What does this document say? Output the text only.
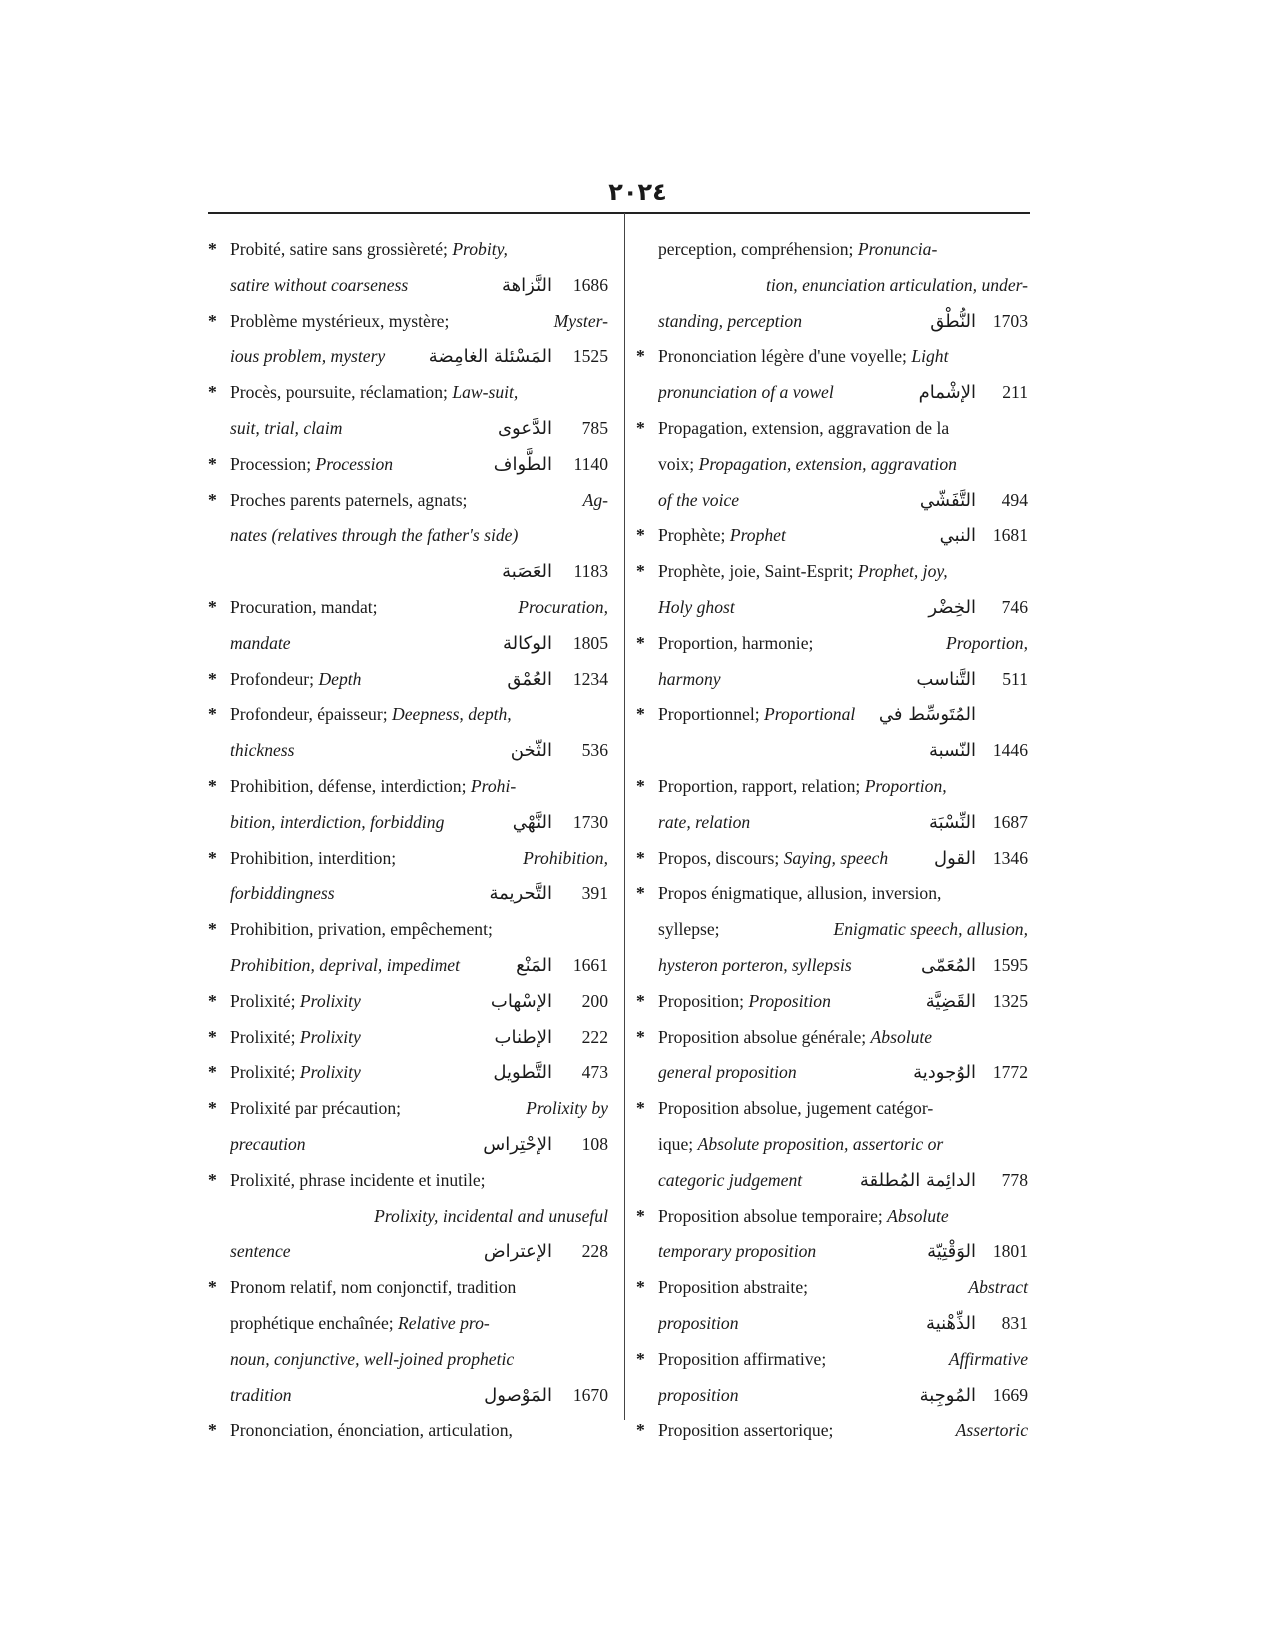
٢٠٢٤
* Probité, satire sans grossièreté; Probity,
satire without coarseness	النَّزاهة	1686
* Problème mystérieux, mystère;	Myster-
ious problem, mystery	المَسْئلة الغامِضة	1525
* Procès, poursuite, réclamation; Law-suit,
suit, trial, claim	الدَّعوى	785
* Procession; Procession	الطَّواف	1140
* Proches parents paternels, agnats;	Ag-
nates (relatives through the father's side)
العَصَبة	1183
* Procuration, mandat;	Procuration,
mandate	الوكالة	1805
* Profondeur; Depth	العُمْق	1234
* Profondeur, épaisseur; Deepness, depth,
thickness	الثّخن	536
* Prohibition, défense, interdiction; Prohi-
bition, interdiction, forbidding	النَّهْي	1730
* Prohibition, interdition;	Prohibition,
forbiddingness	التَّحريمة	391
* Prohibition, privation, empêchement;
Prohibition, deprival, impedimet	المَنْع	1661
* Prolixité; Prolixity	الإسْهاب	200
* Prolixité; Prolixity	الإطناب	222
* Prolixité; Prolixity	التَّطويل	473
* Prolixité par précaution;	Prolixity by
precaution	الإحْتِراس	108
* Prolixité, phrase incidente et inutile;
Prolixity, incidental and unuseful
sentence	الإعتراض	228
* Pronom relatif, nom conjonctif, tradition
prophétique enchaînée; Relative pro-
noun, conjunctive, well-joined prophetic
tradition	المَوْصول	1670
* Prononciation, énonciation, articulation,
perception, compréhension; Pronuncia-
tion, enunciation articulation, under-
standing, perception	النُّطْق 1703
* Prononciation légère d'une voyelle; Light
pronunciation of a vowel	الإشْمام	211
* Propagation, extension, aggravation de la
voix; Propagation, extension, aggravation
of the voice	التَّفَشّي	494
* Prophète; Prophet	النبي 1681
* Prophète, joie, Saint-Esprit; Prophet, joy,
Holy ghost	الخِضْر	746
* Proportion, harmonie;	Proportion,
harmony	التَّناسب	511
* Proportionnel; Proportional	المُتَوسِّط في
النّسبة 1446
* Proportion, rapport, relation; Proportion,
rate, relation	النِّسْبَة 1687
* Propos, discours; Saying, speech	القول 1346
* Propos énigmatique, allusion, inversion,
syllepse;	Enigmatic speech, allusion,
hysteron porteron, syllepsis	المُعَمّى 1595
* Proposition; Proposition	القَضِيَّة 1325
* Proposition absolue générale; Absolute
general proposition	الوُجودية 1772
* Proposition absolue, jugement catégor-
ique; Absolute proposition, assertoric or
categoric judgement	الدائِمة المُطلقة	778
* Proposition absolue temporaire; Absolute
temporary proposition	الوَقْتِيّة 1801
* Proposition abstraite;	Abstract
proposition	الذِّهْنية	831
* Proposition affirmative;	Affirmative
proposition	المُوجِبة 1669
* Proposition assertorique;	Assertoric
